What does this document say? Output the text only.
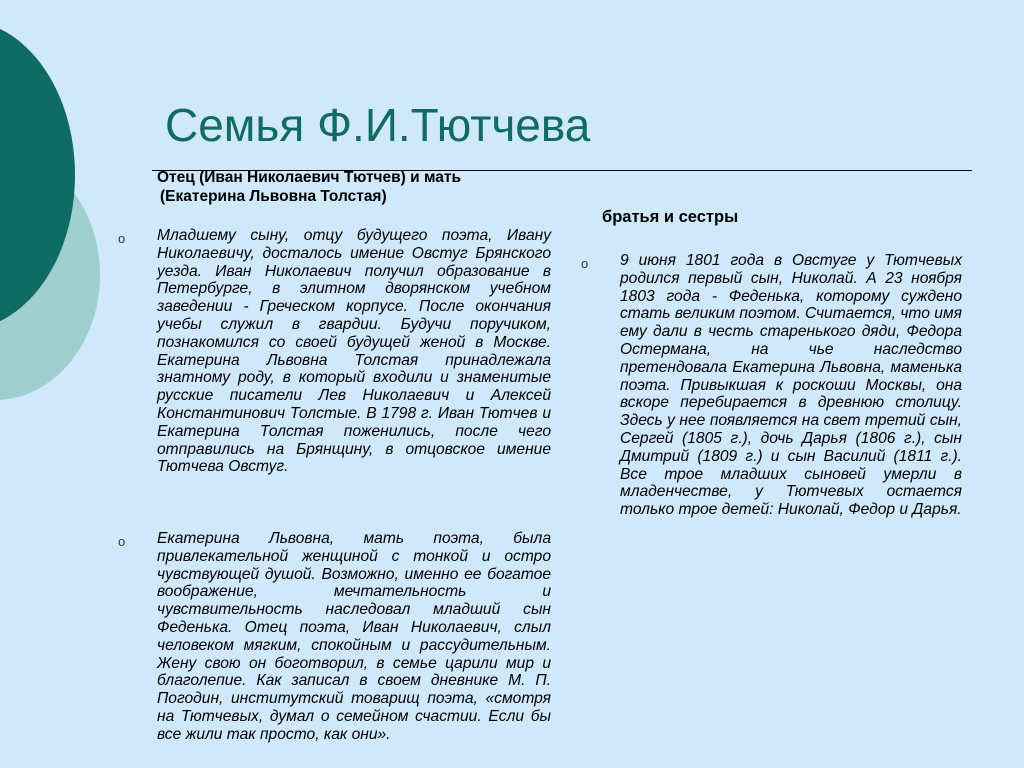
Семья Ф.И.Тютчева
Отец (Иван Николаевич Тютчев) и мать
(Екатерина Львовна Толстая)
братья и сестры
o Младшему сыну, отцу будущего поэта, Ивану Николаевичу, досталось имение Овстуг Брянского уезда. Иван Николаевич получил образование в Петербурге, в элитном дворянском учебном заведении - Греческом корпусе. После окончания учебы служил в гвардии. Будучи поручиком, познакомился со своей будущей женой в Москве. Екатерина Львовна Толстая принадлежала знатному роду, в который входили и знаменитые русские писатели Лев Николаевич и Алексей Константинович Толстые. В 1798 г. Иван Тютчев и Екатерина Толстая поженились, после чего отправились на Брянщину, в отцовское имение Тютчева Овстуг.

o Екатерина Львовна, мать поэта, была привлекательной женщиной с тонкой и остро чувствующей душой. Возможно, именно ее богатое воображение, мечтательность и чувствительность наследовал младший сын Феденька. Отец поэта, Иван Николаевич, слыл человеком мягким, спокойным и рассудительным. Жену свою он боготворил, в семье царили мир и благолепие. Как записал в своем дневнике М. П. Погодин, институтский товарищ поэта, «смотря на Тютчевых, думал о семейном счастии. Если бы все жили так просто, как они».

o 9 июня 1801 года в Овстуге у Тютчевых родился первый сын, Николай. А 23 ноября 1803 года - Феденька, которому суждено стать великим поэтом. Считается, что имя ему дали в честь старенького дяди, Федора Остермана, на чье наследство претендовала Екатерина Львовна, маменька поэта. Привыкшая к роскоши Москвы, она вскоре перебирается в древнюю столицу. Здесь у нее появляется на свет третий сын, Сергей (1805 г.), дочь Дарья (1806 г.), сын Дмитрий (1809 г.) и сын Василий (1811 г.). Все трое младших сыновей умерли в младенчестве, у Тютчевых остается только трое детей: Николай, Федор и Дарья.
